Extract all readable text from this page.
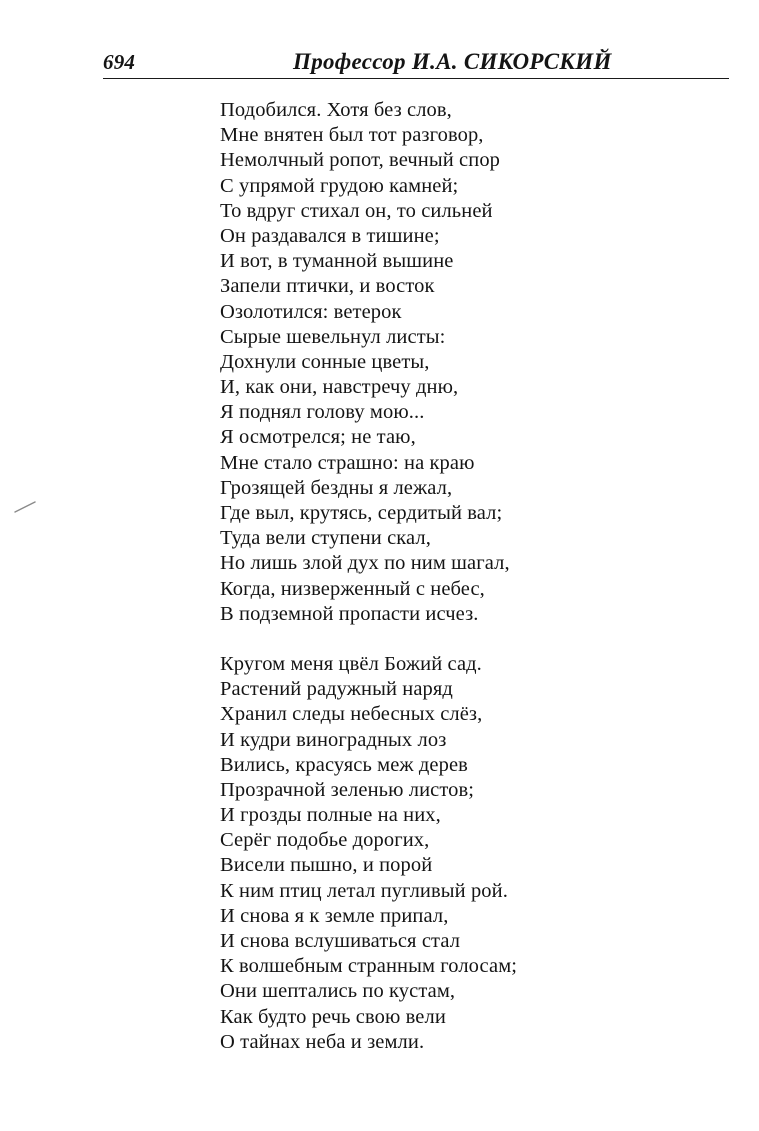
694	Профессор И.А. СИКОРСКИЙ
Подобился. Хотя без слов,
Мне внятен был тот разговор,
Немолчный ропот, вечный спор
С упрямой грудою камней;
То вдруг стихал он, то сильней
Он раздавался в тишине;
И вот, в туманной вышине
Запели птички, и восток
Озолотился: ветерок
Сырые шевельнул листы:
Дохнули сонные цветы,
И, как они, навстречу дню,
Я поднял голову мою...
Я осмотрелся; не таю,
Мне стало страшно: на краю
Грозящей бездны я лежал,
Где выл, крутясь, сердитый вал;
Туда вели ступени скал,
Но лишь злой дух по ним шагал,
Когда, низверженный с небес,
В подземной пропасти исчез.
Кругом меня цвёл Божий сад.
Растений радужный наряд
Хранил следы небесных слёз,
И кудри виноградных лоз
Вились, красуясь меж дерев
Прозрачной зеленью листов;
И грозды полные на них,
Серёг подобье дорогих,
Висели пышно, и порой
К ним птиц летал пугливый рой.
И снова я к земле припал,
И снова вслушиваться стал
К волшебным странным голосам;
Они шептались по кустам,
Как будто речь свою вели
О тайнах неба и земли.
